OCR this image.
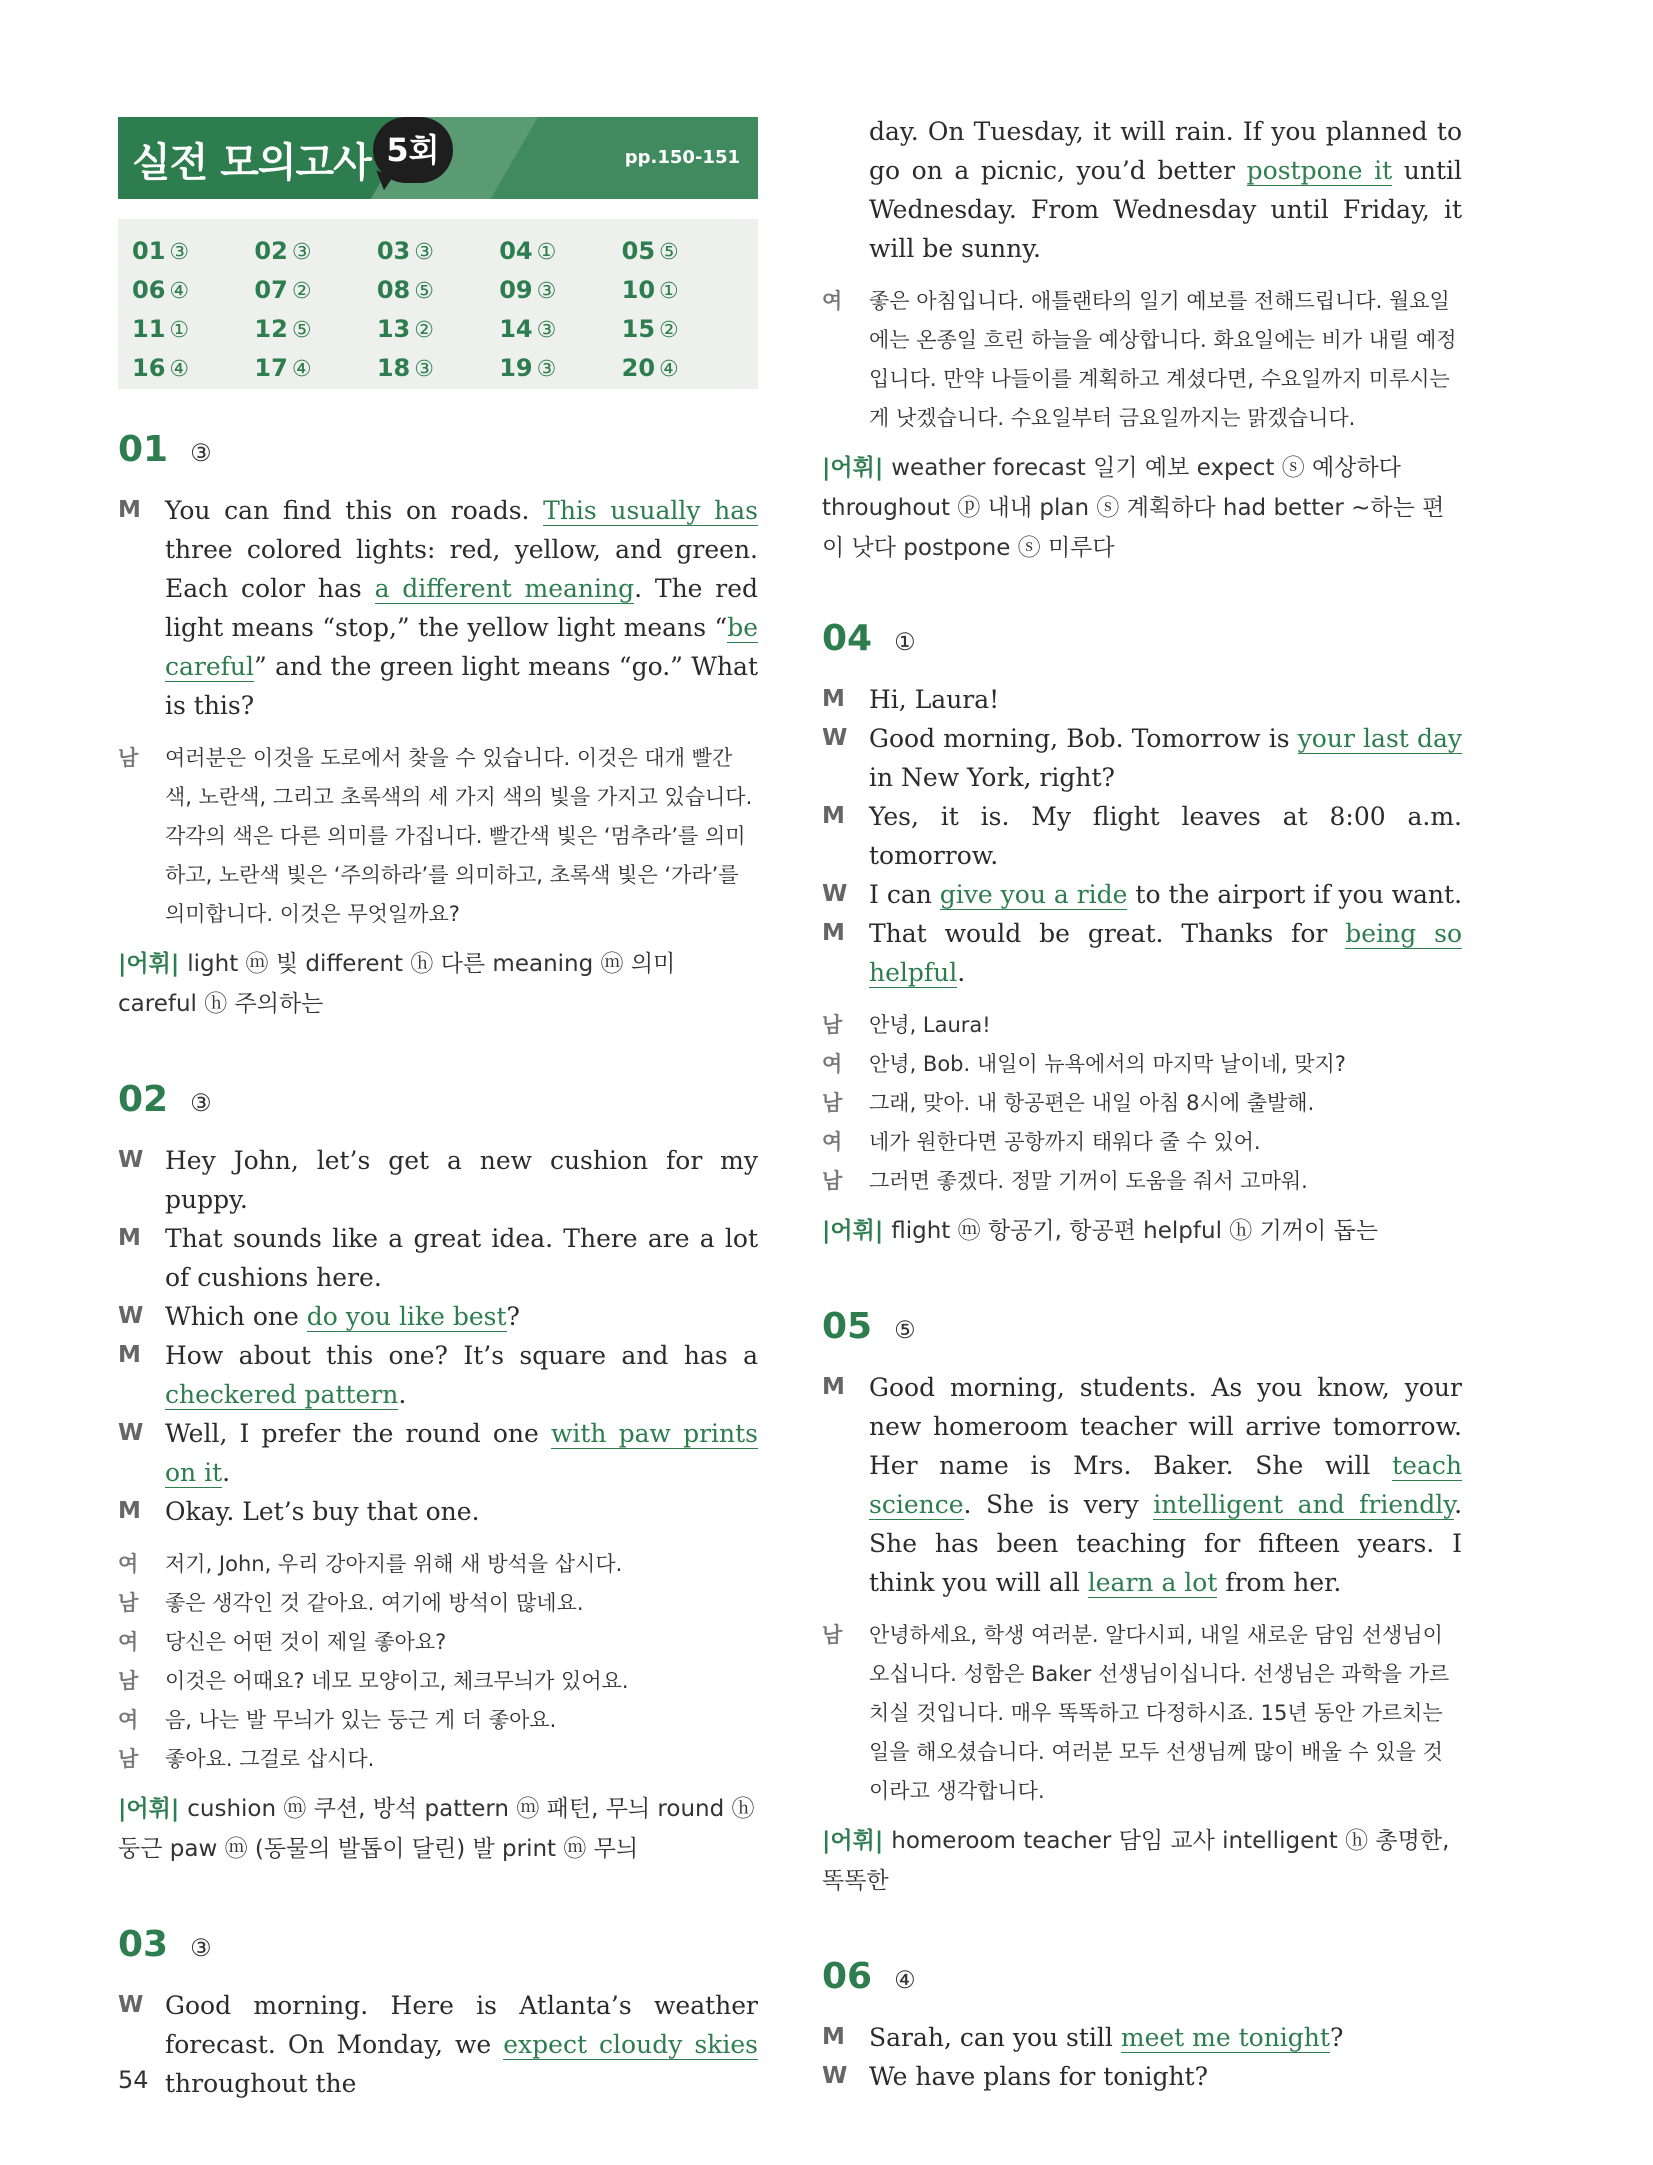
실전 모의고사 5회	pp.150-151
01 ③	02 ③	03 ③	04 ①	05 ⑤
06 ④	07 ②	08 ⑤	09 ③	10 ①
11 ①	12 ⑤	13 ②	14 ③	15 ②
16 ④	17 ④	18 ③	19 ③	20 ④
01 ③
M You can find this on roads. This usually has three colored lights: red, yellow, and green. Each color has a different meaning. The red light means “stop,” the yellow light means “be careful” and the green light means “go.” What is this?
남	여러분은 이것을 도로에서 찾을 수 있습니다. 이것은 대개 빨간색, 노란색, 그리고 초록색의 세 가지 색의 빛을 가지고 있습니다. 각각의 색은 다른 의미를 가집니다. 빨간색 빛은 ‘멈추라’를 의미하고, 노란색 빛은 ‘주의하라’를 의미하고, 초록색 빛은 ‘가라’를 의미합니다. 이것은 무엇일까요?
|어휘| light ⓜ 빛 different ⓗ 다른 meaning ⓜ 의미 careful ⓗ 주의하는
02 ③
W Hey John, let’s get a new cushion for my puppy.
M That sounds like a great idea. There are a lot of cushions here.
W Which one do you like best?
M How about this one? It’s square and has a checkered pattern.
W Well, I prefer the round one with paw prints on it.
M Okay. Let’s buy that one.
여	저기, John, 우리 강아지를 위해 새 방석을 삽시다.
남	좋은 생각인 것 같아요. 여기에 방석이 많네요.
여	당신은 어떤 것이 제일 좋아요?
남	이것은 어때요? 네모 모양이고, 체크무늬가 있어요.
여	음, 나는 발 무늬가 있는 둥근 게 더 좋아요.
남	좋아요. 그걸로 삽시다.
|어휘| cushion ⓜ 쿠션, 방석 pattern ⓜ 패턴, 무늬 round ⓗ 둥근 paw ⓜ (동물의 발톱이 달린) 발 print ⓜ 무늬
03 ③
W Good morning. Here is Atlanta’s weather forecast. On Monday, we expect cloudy skies throughout the
day. On Tuesday, it will rain. If you planned to go on a picnic, you’d better postpone it until Wednesday. From Wednesday until Friday, it will be sunny.
여	좋은 아침입니다. 애틀랜타의 일기 예보를 전해드립니다. 월요일에는 온종일 흐린 하늘을 예상합니다. 화요일에는 비가 내릴 예정입니다. 만약 나들이를 계획하고 계셨다면, 수요일까지 미루시는 게 낫겠습니다. 수요일부터 금요일까지는 맑겠습니다.
|어휘| weather forecast 일기 예보 expect ⓢ 예상하다 throughout ⓟ 내내 plan ⓢ 계획하다 had better ~하는 편이 낫다 postpone ⓢ 미루다
04 ①
M Hi, Laura!
W Good morning, Bob. Tomorrow is your last day in New York, right?
M Yes, it is. My flight leaves at 8:00 a.m. tomorrow.
W I can give you a ride to the airport if you want.
M That would be great. Thanks for being so helpful.
남	안녕, Laura!
여	안녕, Bob. 내일이 뉴욕에서의 마지막 날이네, 맞지?
남	그래, 맞아. 내 항공편은 내일 아침 8시에 출발해.
여	네가 원한다면 공항까지 태워다 줄 수 있어.
남	그러면 좋겠다. 정말 기꺼이 도움을 줘서 고마워.
|어휘| flight ⓜ 항공기, 항공편 helpful ⓗ 기꺼이 돕는
05 ⑤
M Good morning, students. As you know, your new homeroom teacher will arrive tomorrow. Her name is Mrs. Baker. She will teach science. She is very intelligent and friendly. She has been teaching for fifteen years. I think you will all learn a lot from her.
남	안녕하세요, 학생 여러분. 알다시피, 내일 새로운 담임 선생님이 오십니다. 성함은 Baker 선생님이십니다. 선생님은 과학을 가르치실 것입니다. 매우 똑똑하고 다정하시죠. 15년 동안 가르치는 일을 해오셨습니다. 여러분 모두 선생님께 많이 배울 수 있을 것이라고 생각합니다.
|어휘| homeroom teacher 담임 교사 intelligent ⓗ 총명한, 똑똑한
06 ④
M Sarah, can you still meet me tonight?
W We have plans for tonight?
54
